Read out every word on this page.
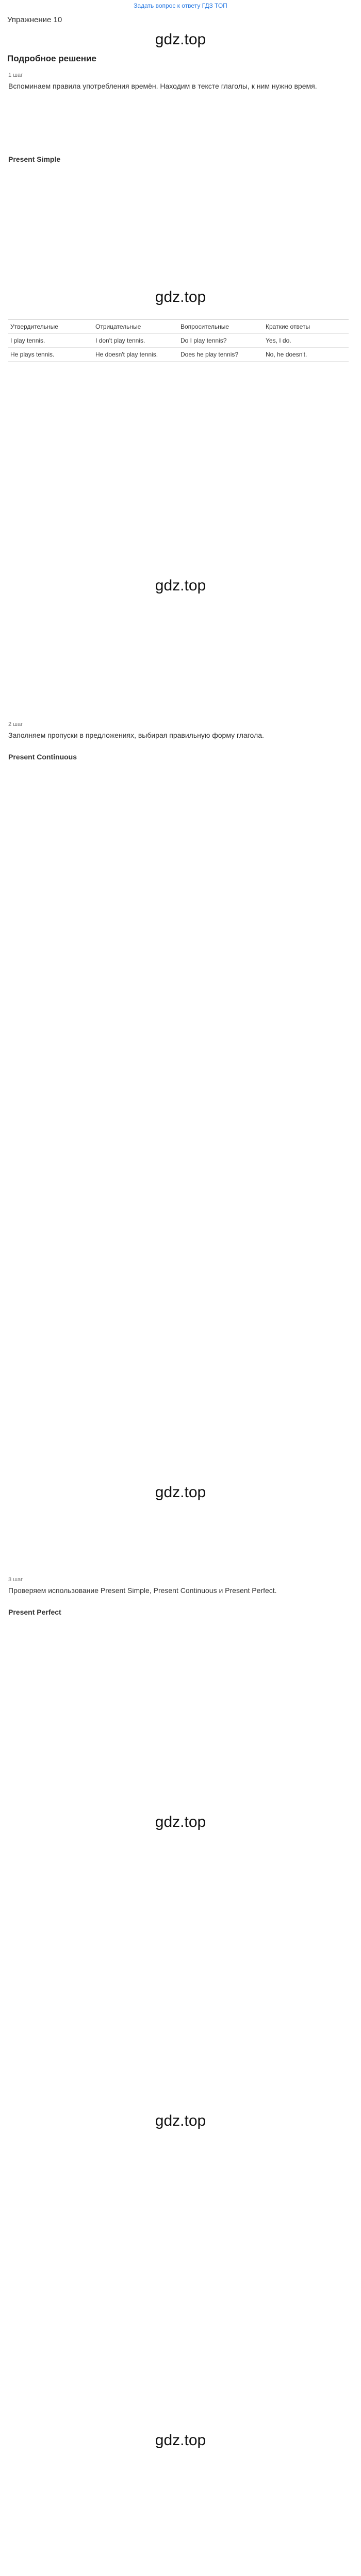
Задать вопрос к ответу ГДЗ ТОП
Упражнение 10
gdz.top
Подробное решение
1 шаг
Вспоминаем правила употребления времён. Находим в тексте глаголы, к ним нужно время.
Present Simple
gdz.top
Утвердительные	Отрицательные	Вопросительные	Краткие ответы
I play tennis.	I don't play tennis.	Do I play tennis?	Yes, I do.
He plays tennis.	He doesn't play tennis.	Does he play tennis?	No, he doesn't.
gdz.top
2 шаг
Заполняем пропуски в предложениях, выбирая правильную форму глагола.
Present Continuous
gdz.top
3 шаг
Проверяем использование Present Simple, Present Continuous и Present Perfect.
Present Perfect
gdz.top
gdz.top
gdz.top
